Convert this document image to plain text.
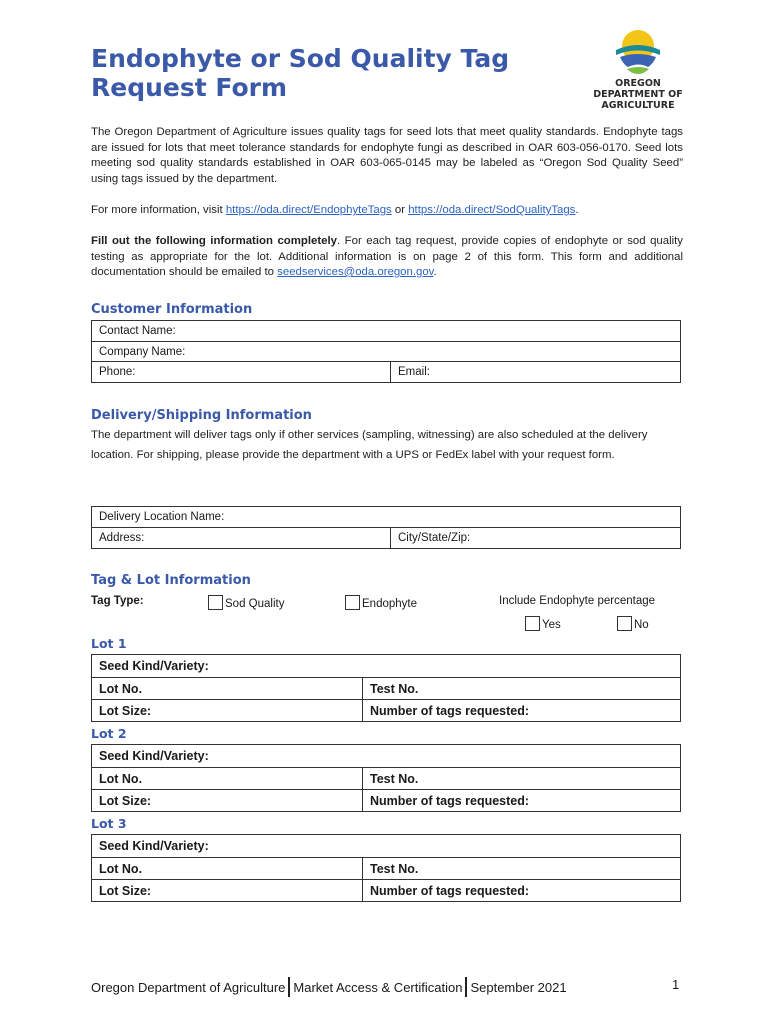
Endophyte or Sod Quality Tag
Request Form	OREGON
DEPARTMENT OF
AGRICULTURE
The Oregon Department of Agriculture issues quality tags for seed lots that meet quality standards. Endophyte tags are issued for lots that meet tolerance standards for endophyte fungi as described in OAR 603-056-0170. Seed lots meeting sod quality standards established in OAR 603-065-0145 may be labeled as “Oregon Sod Quality Seed” using tags issued by the department.
For more information, visit https://oda.direct/EndophyteTags or https://oda.direct/SodQualityTags.
Fill out the following information completely. For each tag request, provide copies of endophyte or sod quality testing as appropriate for the lot. Additional information is on page 2 of this form. This form and additional documentation should be emailed to seedservices@oda.oregon.gov.
Customer Information
Contact Name:
Company Name:
Phone:	Email:
Delivery/Shipping Information
The department will deliver tags only if other services (sampling, witnessing) are also scheduled at the delivery location. For shipping, please provide the department with a UPS or FedEx label with your request form.
Delivery Location Name:
Address:	City/State/Zip:
Tag & Lot Information
Tag Type:	Sod Quality	Endophyte	Include Endophyte percentage
Yes	No
Lot 1
Seed Kind/Variety:	
Lot No.	Test No.
Lot Size:	Number of tags requested:
Lot 2
Seed Kind/Variety:	
Lot No.	Test No.
Lot Size:	Number of tags requested:
Lot 3
Seed Kind/Variety:	
Lot No.	Test No.
Lot Size:	Number of tags requested:
Oregon Department of Agriculture Market Access & Certification September 2021	1
